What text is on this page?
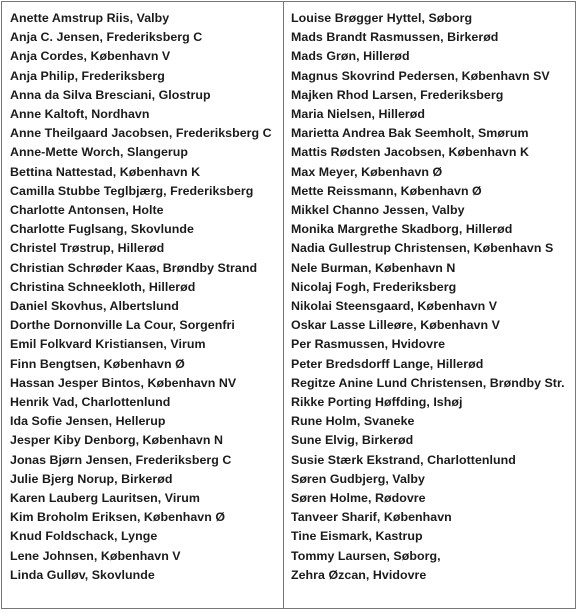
Anette Amstrup Riis, Valby
Anja C. Jensen, Frederiksberg C
Anja Cordes, København V
Anja Philip, Frederiksberg
Anna da Silva Bresciani, Glostrup
Anne Kaltoft, Nordhavn
Anne Theilgaard Jacobsen, Frederiksberg C
Anne-Mette Worch, Slangerup
Bettina Nattestad, København K
Camilla Stubbe Teglbjærg, Frederiksberg
Charlotte Antonsen, Holte
Charlotte Fuglsang, Skovlunde
Christel Trøstrup, Hillerød
Christian Schrøder Kaas, Brøndby Strand
Christina Schneekloth, Hillerød
Daniel Skovhus, Albertslund
Dorthe Dornonville La Cour, Sorgenfri
Emil Folkvard Kristiansen, Virum
Finn Bengtsen, København Ø
Hassan Jesper Bintos, København NV
Henrik Vad, Charlottenlund
Ida Sofie Jensen, Hellerup
Jesper Kiby Denborg, København N
Jonas Bjørn Jensen, Frederiksberg C
Julie Bjerg Norup, Birkerød
Karen Lauberg Lauritsen, Virum
Kim Broholm Eriksen, København Ø
Knud Foldschack, Lynge
Lene Johnsen, København V
Linda Gulløv, Skovlunde
Louise Brøgger Hyttel, Søborg
Mads Brandt Rasmussen, Birkerød
Mads Grøn, Hillerød
Magnus Skovrind Pedersen, København SV
Majken Rhod Larsen, Frederiksberg
Maria Nielsen, Hillerød
Marietta Andrea Bak Seemholt, Smørum
Mattis Rødsten Jacobsen, København K
Max Meyer, København Ø
Mette Reissmann, København Ø
Mikkel Channo Jessen, Valby
Monika Margrethe Skadborg, Hillerød
Nadia Gullestrup Christensen, København S
Nele Burman, København N
Nicolaj Fogh, Frederiksberg
Nikolai Steensgaard, København V
Oskar Lasse Lilleøre, København V
Per Rasmussen, Hvidovre
Peter Bredsdorff Lange, Hillerød
Regitze Anine Lund Christensen, Brøndby Str.
Rikke Porting Høffding, Ishøj
Rune Holm, Svaneke
Sune Elvig, Birkerød
Susie Stærk Ekstrand, Charlottenlund
Søren Gudbjerg, Valby
Søren Holme, Rødovre
Tanveer Sharif, København
Tine Eismark, Kastrup
Tommy Laursen, Søborg,
Zehra Øzcan, Hvidovre
